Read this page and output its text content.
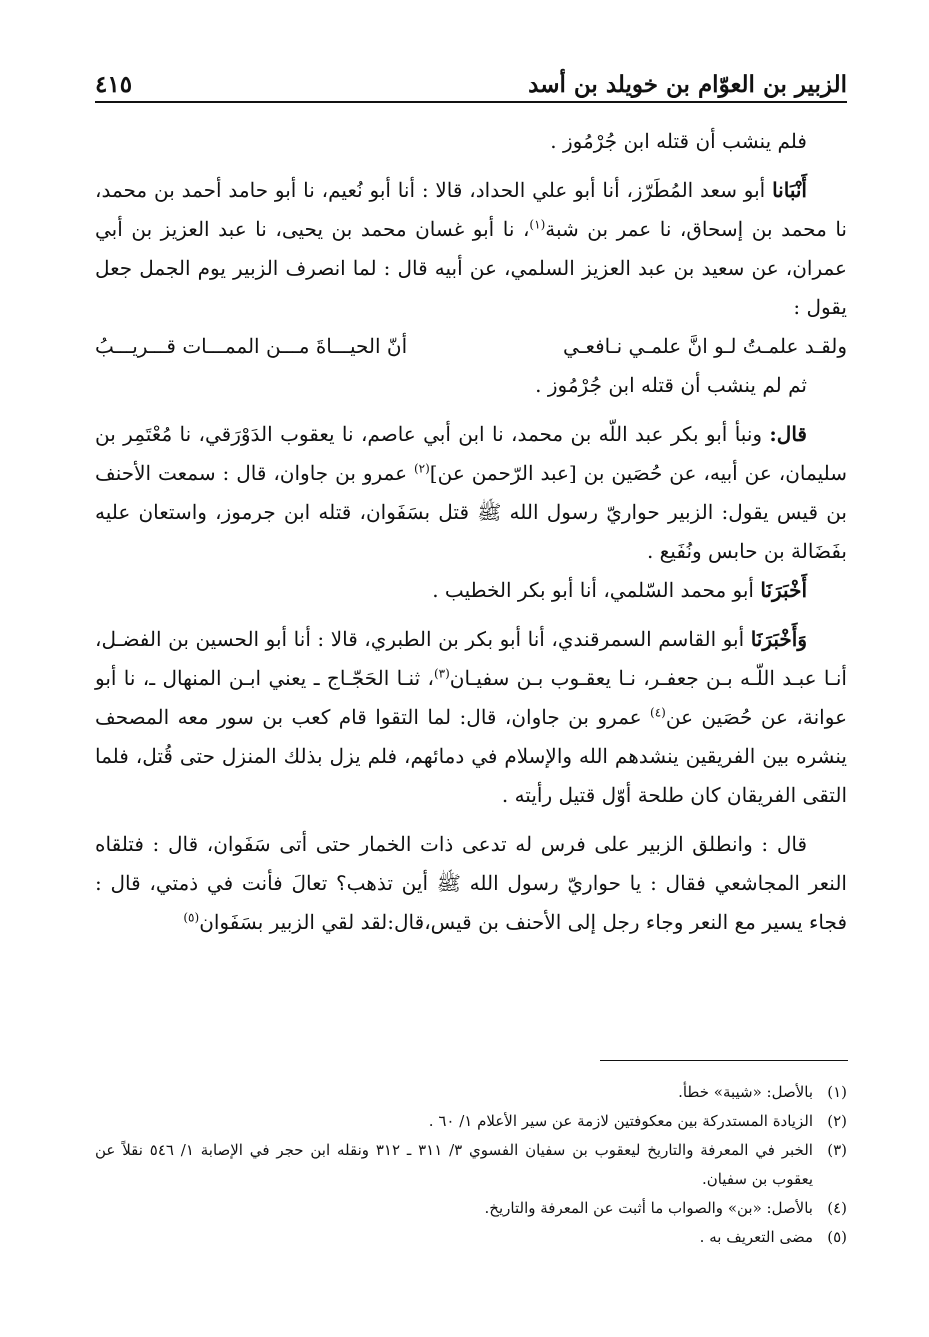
الزبير بن العوّام بن خويلد بن أسد
٤١٥

فلم ينشب أن قتله ابن جُرْمُوز .

أَنْبَانا أبو سعد المُطَرّز، أنا أبو علي الحداد، قالا : أنا أبو نُعيم، نا أبو حامد أحمد بن محمد، نا محمد بن إسحاق، نا عمر بن شبة$^{(١)}$، نا أبو غسان محمد بن يحيى، نا عبد العزيز بن أبي عمران، عن سعيد بن عبد العزيز السلمي، عن أبيه قال : لما انصرف الزبير يوم الجمل جعل يقول :

ولقـد علمـتُ لـو انَّ علمـي نـافعـي
أنّ الحيـــاةَ مـــن الممـــات قـــريـــبُ

ثم لم ينشب أن قتله ابن جُرْمُوز .

قال: ونبأ أبو بكر عبد اللّه بن محمد، نا ابن أبي عاصم، نا يعقوب الدَوْرَقي، نا مُعْتَمِر بن سليمان، عن أبيه، عن حُصَين بن [عبد الرّحمن عن]$^{(٢)}$ عمرو بن جاوان، قال : سمعت الأحنف بن قيس يقول: الزبير حواريّ رسول الله ﷺ قتل بسَفَوان، قتله ابن جرموز، واستعان عليه بفَضَالة بن حابس ونُفَيع .

أَخْبَرَنَا أبو محمد السّلمي، أنا أبو بكر الخطيب .

وَأَخْبَرَنَا أبو القاسم السمرقندي، أنا أبو بكر بن الطبري، قالا : أنا أبو الحسين بن الفضـل، أنـا عبـد اللّـه بـن جعفـر، نـا يعقـوب بـن سفيـان$^{(٣)}$، ثنـا الحَجّـاج ـ يعني ابـن المنهال ـ، نا أبو عوانة، عن حُصَين عن$^{(٤)}$ عمرو بن جاوان، قال: لما التقوا قام كعب بن سور معه المصحف ينشره بين الفريقين ينشدهم الله والإسلام في دمائهم، فلم يزل بذلك المنزل حتى قُتل، فلما التقى الفريقان كان طلحة أوّل قتيل رأيته .

قال : وانطلق الزبير على فرس له تدعى ذات الخمار حتى أتى سَفَوان، قال : فتلقاه النعر المجاشعي فقال : يا حواريّ رسول الله ﷺ أين تذهب؟ تعالَ فأنت في ذمتي، قال : فجاء يسير مع النعر وجاء رجل إلى الأحنف بن قيس،قال:لقد لقي الزبير بسَفَوان$^{(٥)}$

(١)
بالأصل: «شيبة» خطأ.
(٢)
الزيادة المستدركة بين معكوفتين لازمة عن سير الأعلام ١/ ٦٠ .
(٣)
الخبر في المعرفة والتاريخ ليعقوب بن سفيان الفسوي ٣/ ٣١١ ـ ٣١٢ ونقله ابن حجر في الإصابة ١/ ٥٤٦ نقلاً عن يعقوب بن سفيان.
(٤)
بالأصل: «بن» والصواب ما أثبت عن المعرفة والتاريخ.
(٥)
مضى التعريف به .
